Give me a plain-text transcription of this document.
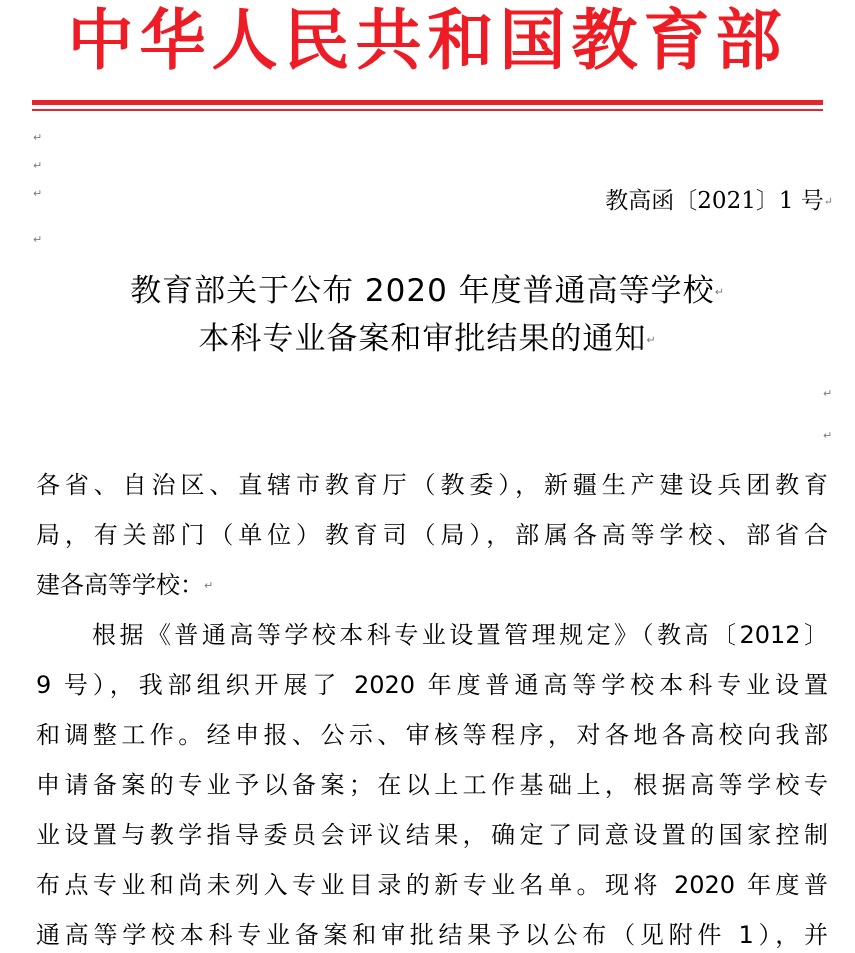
中华人民共和国教育部
↵
↵
↵
↵
教高函〔2021〕1 号↵
教育部关于公布 2020 年度普通高等学校↵
本科专业备案和审批结果的通知↵
↵
↵
各省、自治区、直辖市教育厅（教委），新疆生产建设兵团教育
局，有关部门（单位）教育司（局），部属各高等学校、部省合
建各高等学校：↵
根据《普通高等学校本科专业设置管理规定》（教高〔2012〕
9 号），我部组织开展了 2020 年度普通高等学校本科专业设置
和调整工作。经申报、公示、审核等程序，对各地各高校向我部
申请备案的专业予以备案；在以上工作基础上，根据高等学校专
业设置与教学指导委员会评议结果，确定了同意设置的国家控制
布点专业和尚未列入专业目录的新专业名单。现将 2020 年度普
通高等学校本科专业备案和审批结果予以公布（见附件 1），并
